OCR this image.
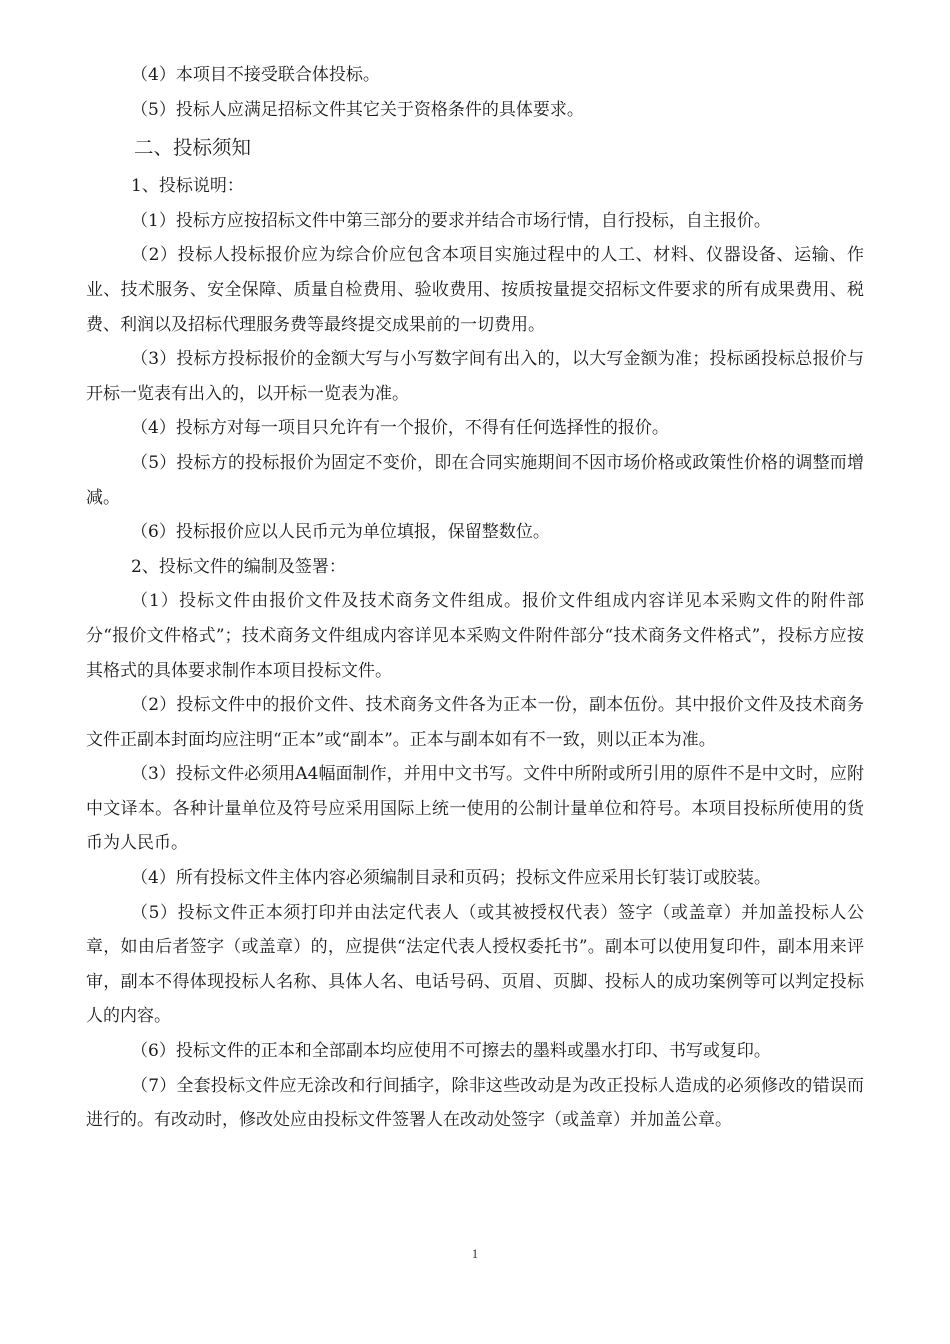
（4）本项目不接受联合体投标。

（5）投标人应满足招标文件其它关于资格条件的具体要求。

二、投标须知

1、投标说明：

（1）投标方应按招标文件中第三部分的要求并结合市场行情，自行投标，自主报价。

（2）投标人投标报价应为综合价应包含本项目实施过程中的人工、材料、仪器设备、运输、作业、技术服务、安全保障、质量自检费用、验收费用、按质按量提交招标文件要求的所有成果费用、税费、利润以及招标代理服务费等最终提交成果前的一切费用。

（3）投标方投标报价的金额大写与小写数字间有出入的，以大写金额为准；投标函投标总报价与开标一览表有出入的，以开标一览表为准。

（4）投标方对每一项目只允许有一个报价，不得有任何选择性的报价。

（5）投标方的投标报价为固定不变价，即在合同实施期间不因市场价格或政策性价格的调整而增减。

（6）投标报价应以人民币元为单位填报，保留整数位。

2、投标文件的编制及签署：

（1）投标文件由报价文件及技术商务文件组成。报价文件组成内容详见本采购文件的附件部分“报价文件格式”；技术商务文件组成内容详见本采购文件附件部分“技术商务文件格式”，投标方应按其格式的具体要求制作本项目投标文件。

（2）投标文件中的报价文件、技术商务文件各为正本一份，副本伍份。其中报价文件及技术商务文件正副本封面均应注明“正本”或“副本”。正本与副本如有不一致，则以正本为准。

（3）投标文件必须用A4幅面制作，并用中文书写。文件中所附或所引用的原件不是中文时，应附中文译本。各种计量单位及符号应采用国际上统一使用的公制计量单位和符号。本项目投标所使用的货币为人民币。

（4）所有投标文件主体内容必须编制目录和页码；投标文件应采用长钉装订或胶装。

（5）投标文件正本须打印并由法定代表人（或其被授权代表）签字（或盖章）并加盖投标人公章，如由后者签字（或盖章）的，应提供“法定代表人授权委托书”。副本可以使用复印件，副本用来评审，副本不得体现投标人名称、具体人名、电话号码、页眉、页脚、投标人的成功案例等可以判定投标人的内容。

（6）投标文件的正本和全部副本均应使用不可擦去的墨料或墨水打印、书写或复印。

（7）全套投标文件应无涂改和行间插字，除非这些改动是为改正投标人造成的必须修改的错误而进行的。有改动时，修改处应由投标文件签署人在改动处签字（或盖章）并加盖公章。

1
